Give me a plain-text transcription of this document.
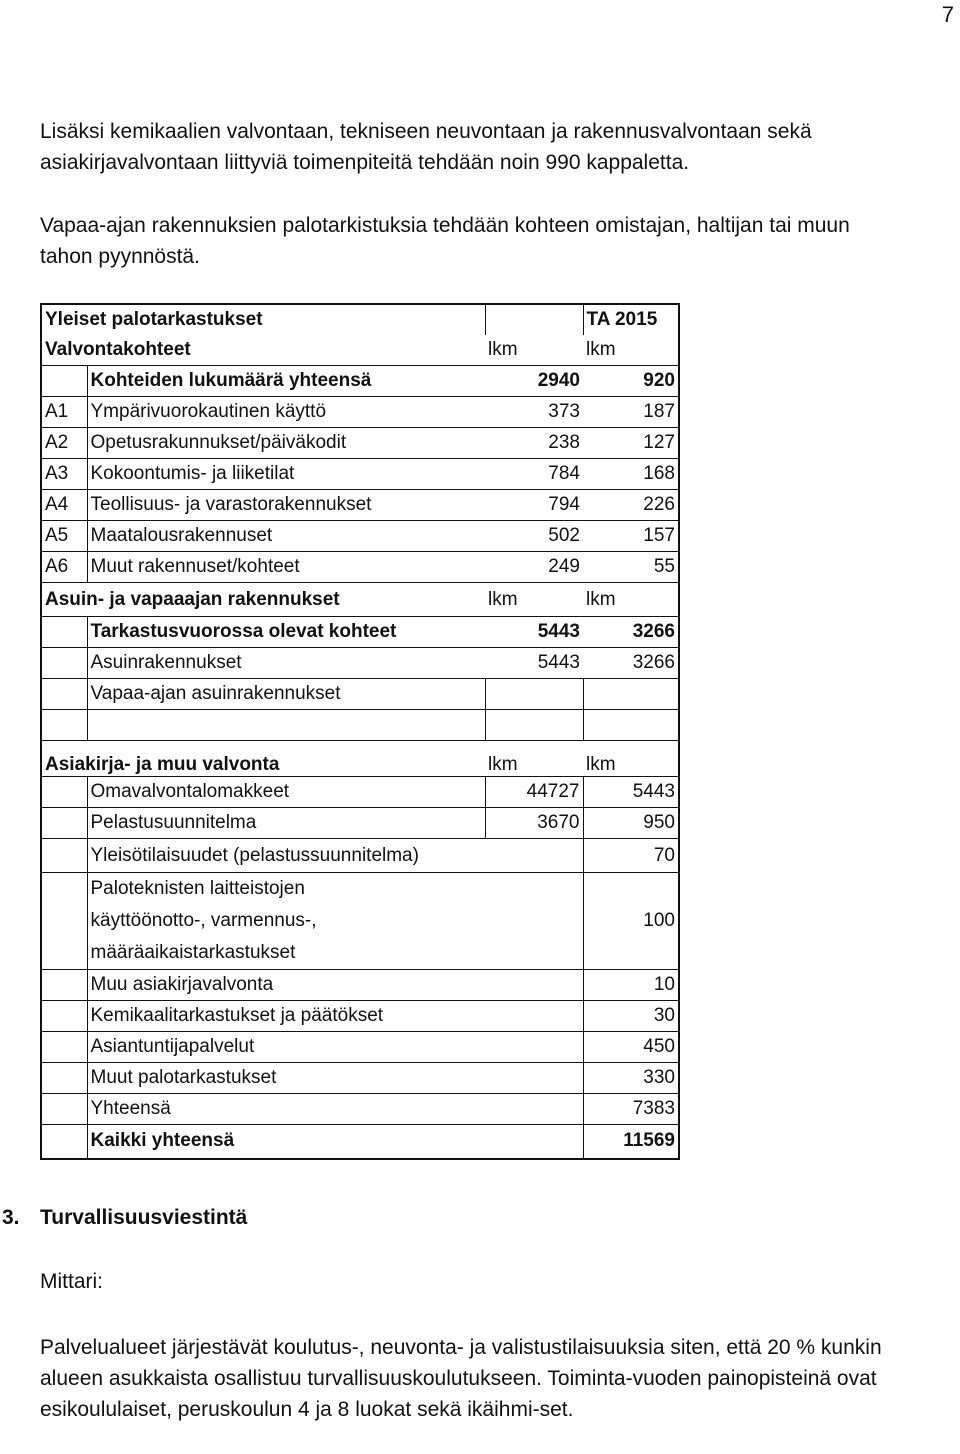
7

Lisäksi kemikaalien valvontaan, tekniseen neuvontaan ja rakennusvalvontaan sekä asiakirjavalvontaan liittyviä toimenpiteitä tehdään noin 990 kappaletta.

Vapaa-ajan rakennuksien palotarkistuksia tehdään kohteen omistajan, haltijan tai muun tahon pyynnöstä.

Yleiset palotarkastukset			TA 2015
Valvontakohteet		lkm	lkm
	Kohteiden lukumäärä yhteensä	2940	920
A1	Ympärivuorokautinen käyttö	373	187
A2	Opetusrakunnukset/päiväkodit	238	127
A3	Kokoontumis- ja liiketilat	784	168
A4	Teollisuus- ja varastorakennukset	794	226
A5	Maatalousrakennuset	502	157
A6	Muut rakennuset/kohteet	249	55
Asuin- ja vapaaajan rakennukset		lkm	lkm
	Tarkastusvuorossa olevat kohteet	5443	3266
	Asuinrakennukset	5443	3266
	Vapaa-ajan asuinrakennukset		

Asiakirja- ja muu valvonta		lkm	lkm
	Omavalvontalomakkeet	44727	5443
	Pelastusuunnitelma	3670	950
	Yleisötilaisuudet (pelastussuunnitelma)		70

	Paloteknisten laitteistojen
käyttöönotto-, varmennus-,
määräaikaistarkastukset		100
	Muu asiakirjavalvonta		10
	Kemikaalitarkastukset ja päätökset		30
	Asiantuntijapalvelut		450
	Muut palotarkastukset		330
	Yhteensä		7383
	Kaikki yhteensä		11569
3. Turvallisuusviestintä
Mittari:

Palvelualueet järjestävät koulutus-, neuvonta- ja valistustilaisuuksia siten, että 20 % kunkin alueen asukkaista osallistuu turvallisuuskoulutukseen. Toiminta-vuoden painopisteinä ovat esikoululaiset, peruskoulun 4 ja 8 luokat sekä ikäihmi-set.
